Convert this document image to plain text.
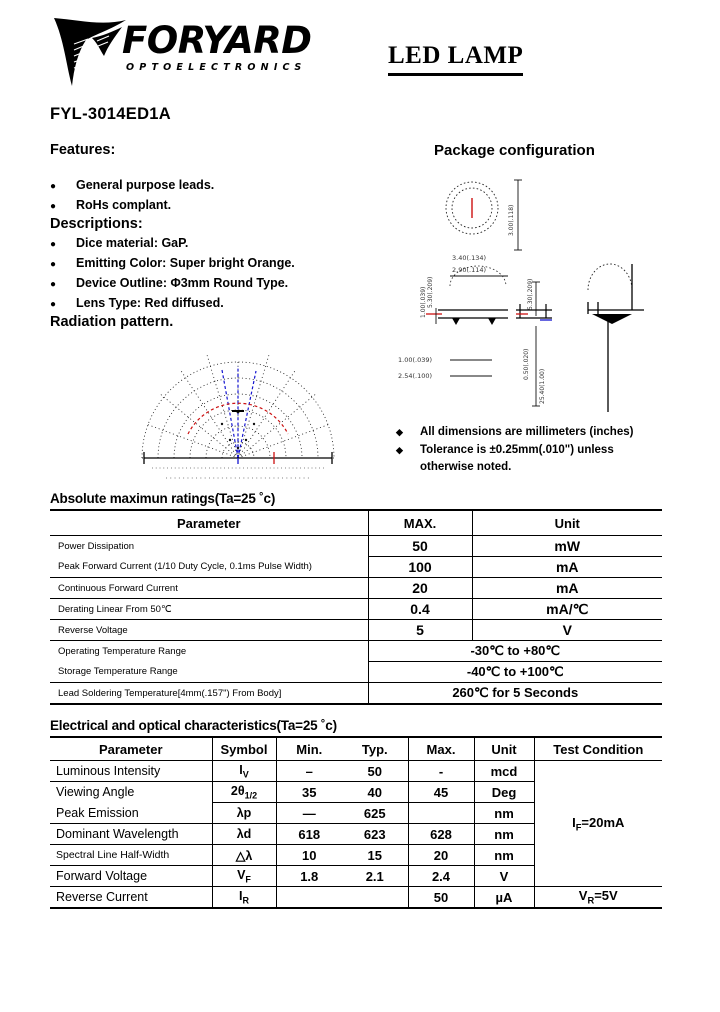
FORYARD
OPTOELECTRONICS	LED LAMP
FYL-3014ED1A
Features:
●	General purpose leads.
●	RoHs complant.
Descriptions:
●	Dice material: GaP.
●	Emitting Color: Super bright Orange.
●	Device Outline: Φ3mm Round Type.
●	Lens Type: Red diffused.
Radiation pattern.
Package configuration
3.00(.118)
3.40(.134)
2.90(.114)
1.00(.039) 5.30(.209)	5.30(.209)
0.50(.020)
25.40(1.00)
1.00(.039)
2.54(.100)
◆	All dimensions are millimeters (inches)
◆	Tolerance is ±0.25mm(.010") unless
otherwise noted.
Absolute maximun ratings(Ta=25 ˚c)
Parameter	MAX.	Unit
Power Dissipation	50	mW
Peak Forward Current (1/10 Duty Cycle, 0.1ms Pulse Width)	100	mA
Continuous Forward Current	20	mA
Derating Linear From 50℃	0.4	mA/℃
Reverse Voltage	5	V
Operating Temperature Range	-30℃ to +80℃	
Storage Temperature Range	-40℃ to +100℃	
Lead Soldering Temperature[4mm(.157") From Body]	260℃ for 5 Seconds	
Electrical and optical characteristics(Ta=25 ˚c)
Parameter	Symbol	Min.	Typ.	Max.	Unit	Test Condition
Luminous Intensity	$I_V$	–	50	-	mcd	$I_F=20mA$
Viewing Angle	$2\theta_{1/2}$	35	40	45	Deg	
Peak Emission	λp	—	625		nm	
Dominant Wavelength	λd	618	623	628	nm	
Spectral Line Half-Width	△λ	10	15	20	nm	
Forward Voltage	$V_F$	1.8	2.1	2.4	V	
Reverse Current	$I_R$			50	µA	$V_R=5V$
